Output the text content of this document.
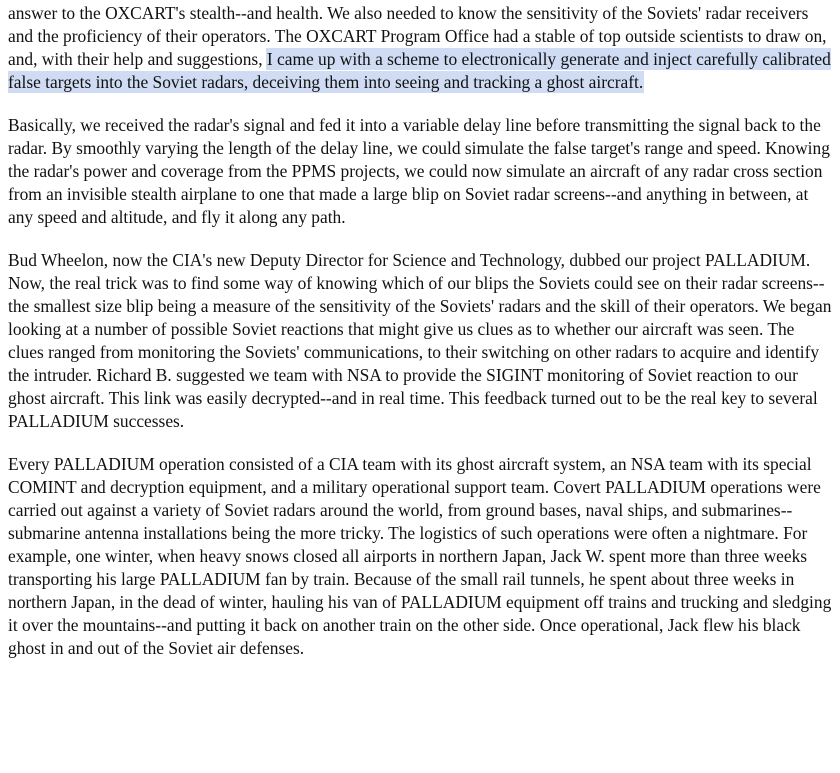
answer to the OXCART's stealth--and health. We also needed to know the sensitivity of the Soviets' radar receivers and the proficiency of their operators. The OXCART Program Office had a stable of top outside scientists to draw on, and, with their help and suggestions, I came up with a scheme to electronically generate and inject carefully calibrated false targets into the Soviet radars, deceiving them into seeing and tracking a ghost aircraft.

Basically, we received the radar's signal and fed it into a variable delay line before transmitting the signal back to the radar. By smoothly varying the length of the delay line, we could simulate the false target's range and speed. Knowing the radar's power and coverage from the PPMS projects, we could now simulate an aircraft of any radar cross section from an invisible stealth airplane to one that made a large blip on Soviet radar screens--and anything in between, at any speed and altitude, and fly it along any path.

Bud Wheelon, now the CIA's new Deputy Director for Science and Technology, dubbed our project PALLADIUM. Now, the real trick was to find some way of knowing which of our blips the Soviets could see on their radar screens--the smallest size blip being a measure of the sensitivity of the Soviets' radars and the skill of their operators. We began looking at a number of possible Soviet reactions that might give us clues as to whether our aircraft was seen. The clues ranged from monitoring the Soviets' communications, to their switching on other radars to acquire and identify the intruder. Richard B. suggested we team with NSA to provide the SIGINT monitoring of Soviet reaction to our ghost aircraft. This link was easily decrypted--and in real time. This feedback turned out to be the real key to several PALLADIUM successes.

Every PALLADIUM operation consisted of a CIA team with its ghost aircraft system, an NSA team with its special COMINT and decryption equipment, and a military operational support team. Covert PALLADIUM operations were carried out against a variety of Soviet radars around the world, from ground bases, naval ships, and submarines--submarine antenna installations being the more tricky. The logistics of such operations were often a nightmare. For example, one winter, when heavy snows closed all airports in northern Japan, Jack W. spent more than three weeks transporting his large PALLADIUM fan by train. Because of the small rail tunnels, he spent about three weeks in northern Japan, in the dead of winter, hauling his van of PALLADIUM equipment off trains and trucking and sledging it over the mountains--and putting it back on another train on the other side. Once operational, Jack flew his black ghost in and out of the Soviet air defenses.
